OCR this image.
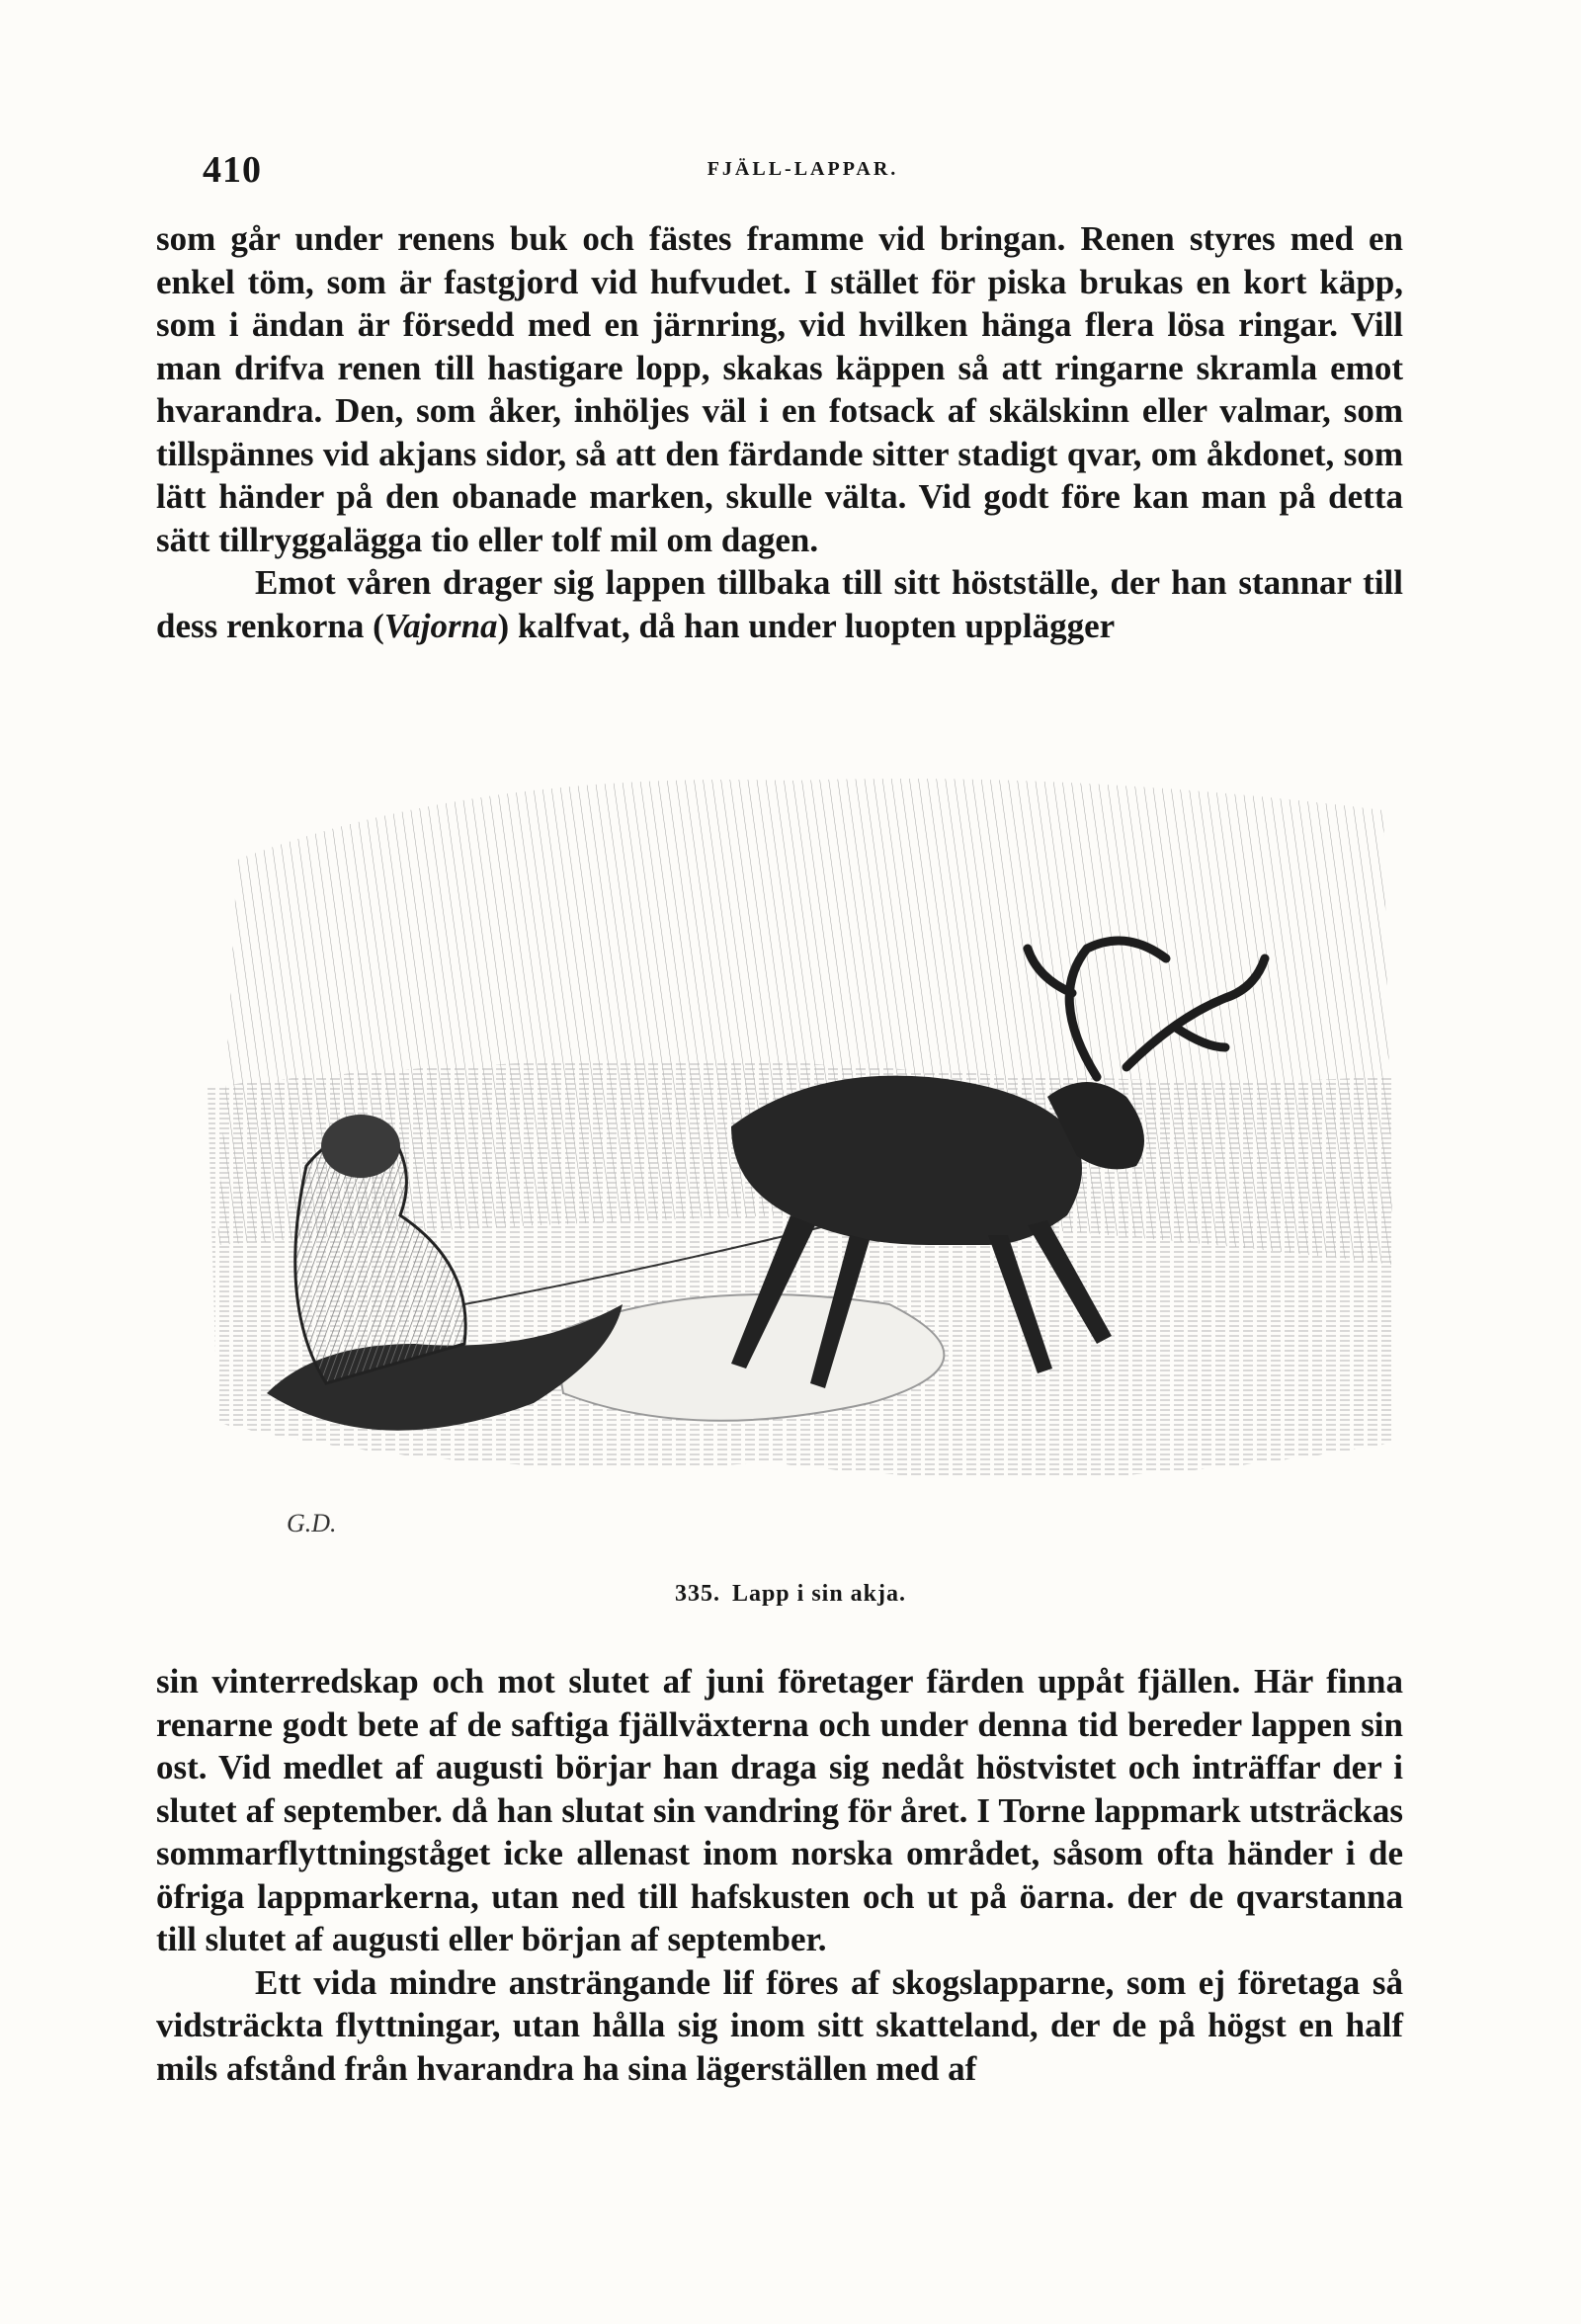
410	FJÄLL-LAPPAR.

som går under renens buk och fästes framme vid bringan. Renen styres med en enkel töm, som är fastgjord vid hufvudet. I stället för piska brukas en kort käpp, som i ändan är försedd med en järnring, vid hvilken hänga flera lösa ringar. Vill man drifva renen till hastigare lopp, skakas käppen så att ringarne skramla emot hvarandra. Den, som åker, inhöljes väl i en fotsack af skälskinn eller valmar, som tillspännes vid akjans sidor, så att den färdande sitter stadigt qvar, om åkdonet, som lätt händer på den obanade marken, skulle välta. Vid godt före kan man på detta sätt tillryggalägga tio eller tolf mil om dagen.

Emot våren drager sig lappen tillbaka till sitt höstställe, der han stannar till dess renkorna (Vajorna) kalfvat, då han under luopten upplägger

G.D.
335. Lapp i sin akja.

sin vinterredskap och mot slutet af juni företager färden uppåt fjällen. Här finna renarne godt bete af de saftiga fjällväxterna och under denna tid bereder lappen sin ost. Vid medlet af augusti börjar han draga sig nedåt höstvistet och inträffar der i slutet af september. då han slutat sin vandring för året. I Torne lappmark utsträckas sommarflyttningståget icke allenast inom norska området, såsom ofta händer i de öfriga lappmarkerna, utan ned till hafskusten och ut på öarna. der de qvarstanna till slutet af augusti eller början af september.

Ett vida mindre ansträngande lif föres af skogslapparne, som ej företaga så vidsträckta flyttningar, utan hålla sig inom sitt skatteland, der de på högst en half mils afstånd från hvarandra ha sina lägerställen med af
